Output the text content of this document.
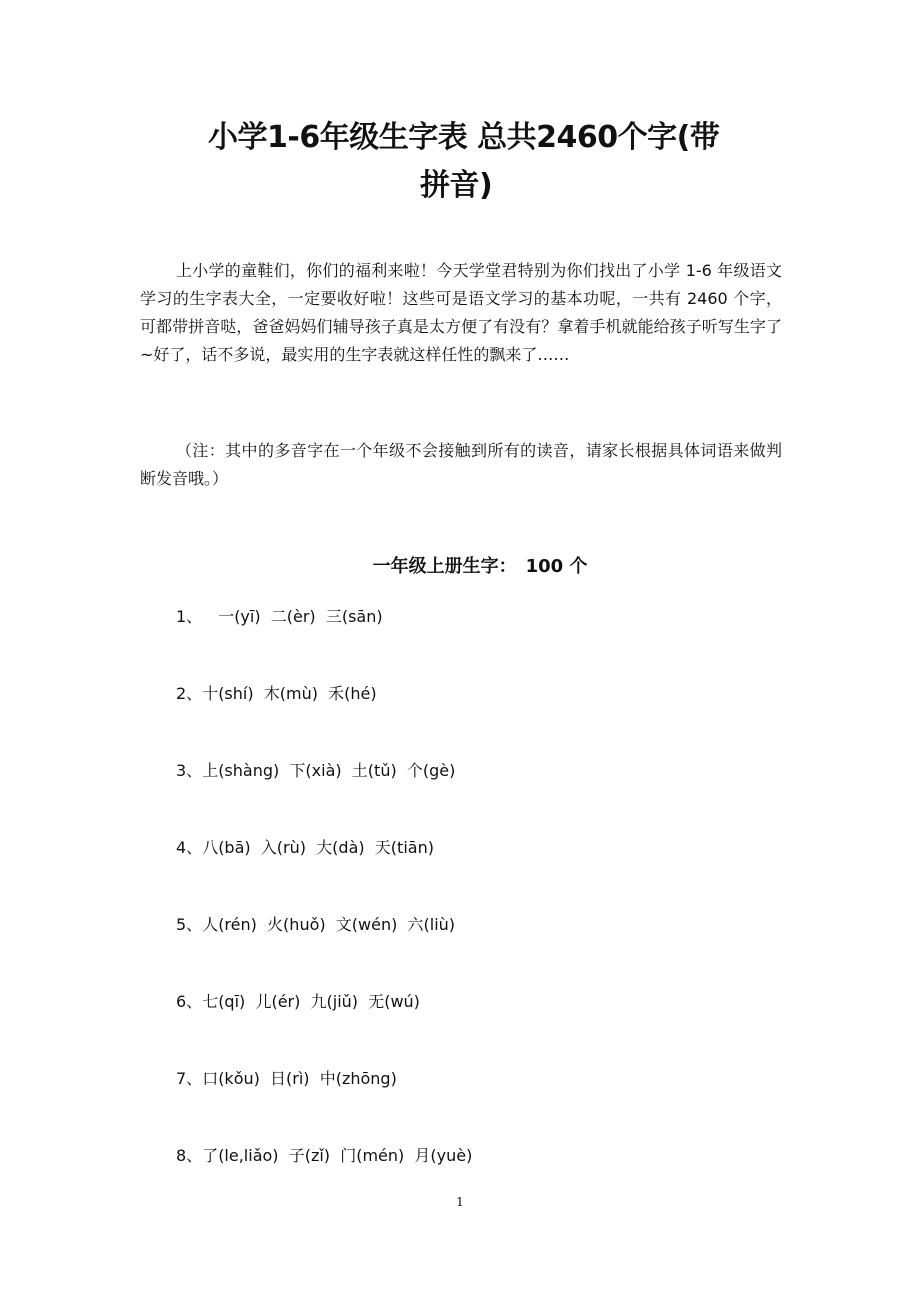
小学1-6年级生字表 总共2460个字(带
拼音)

上小学的童鞋们，你们的福利来啦！今天学堂君特别为你们找出了小学 1-6 年级语文学习的生字表大全，一定要收好啦！这些可是语文学习的基本功呢，一共有 2460 个字，可都带拼音哒，爸爸妈妈们辅导孩子真是太方便了有没有？拿着手机就能给孩子听写生字了~好了，话不多说，最实用的生字表就这样任性的飘来了……

（注：其中的多音字在一个年级不会接触到所有的读音，请家长根据具体词语来做判断发音哦。）

一年级上册生字：　100 个
1、　一(yī)  二(èr)  三(sān)
2、十(shí)  木(mù)  禾(hé)
3、上(shàng)  下(xià)  土(tǔ)  个(gè)
4、八(bā)  入(rù)  大(dà)  天(tiān)
5、人(rén)  火(huǒ)  文(wén)  六(liù)
6、七(qī)  儿(ér)  九(jiǔ)  无(wú)
7、口(kǒu)  日(rì)  中(zhōng)
8、了(le,liǎo)  子(zǐ)  门(mén)  月(yuè)
1
